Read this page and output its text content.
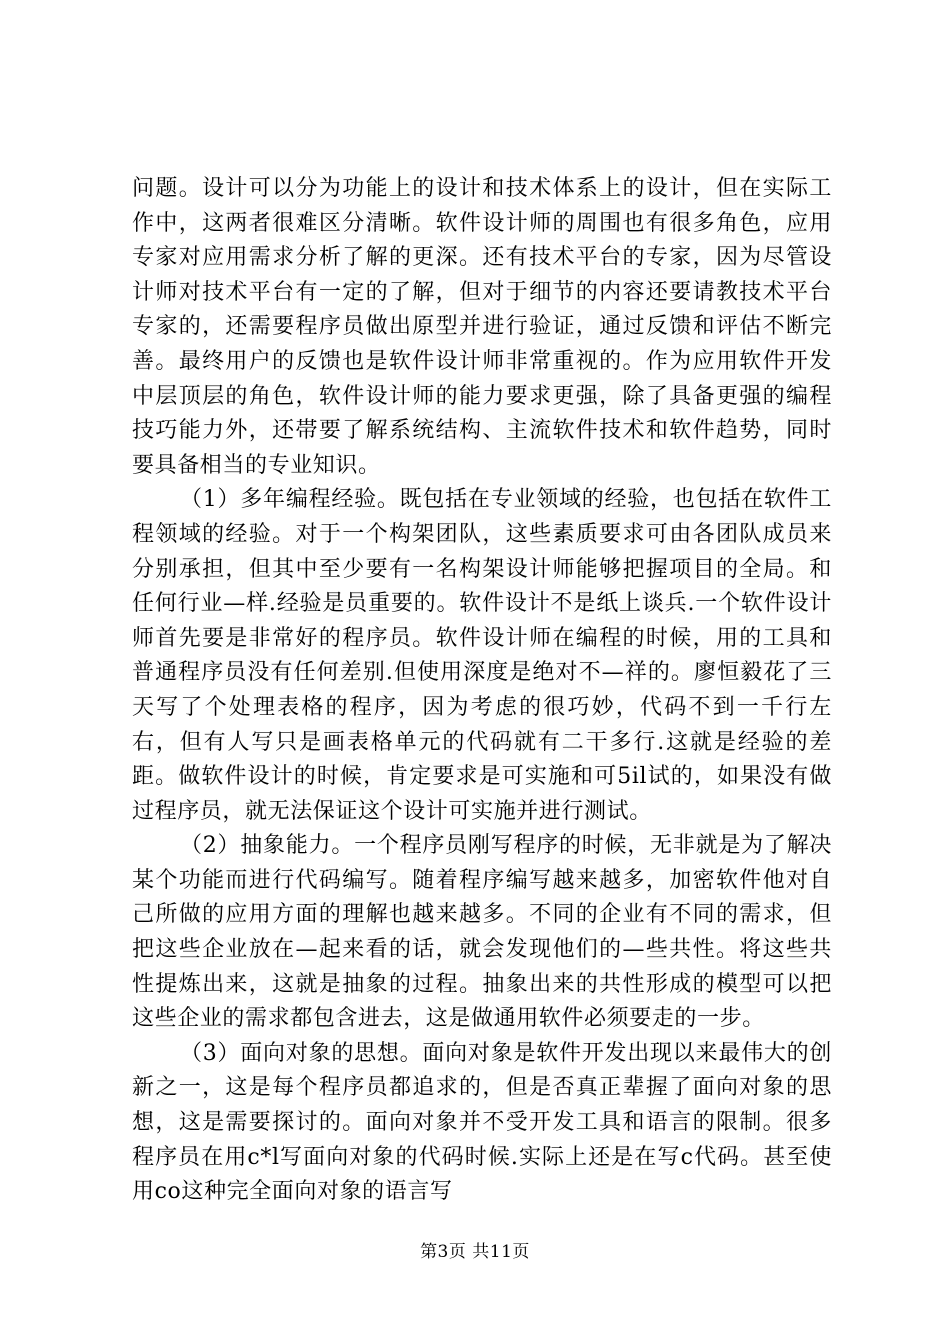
问题。设计可以分为功能上的设计和技术体系上的设计，但在实际工作中，这两者很难区分清晰。软件设计师的周围也有很多角色，应用专家对应用需求分析了解的更深。还有技术平台的专家，因为尽管设计师对技术平台有一定的了解，但对于细节的内容还要请教技术平台专家的，还需要程序员做出原型并进行验证，通过反馈和评估不断完善。最终用户的反馈也是软件设计师非常重视的。作为应用软件开发中层顶层的角色，软件设计师的能力要求更强，除了具备更强的编程技巧能力外，还帯要了解系统结构、主流软件技术和软件趋势，同时要具备相当的专业知识。

（1）多年编程经验。既包括在专业领域的经验，也包括在软件工程领域的经验。对于一个构架团队，这些素质要求可由各团队成员来分别承担，但其中至少要有一名构架设计师能够把握项目的全局。和任何行业—样.经验是员重要的。软件设计不是纸上谈兵.一个软件设计师首先要是非常好的程序员。软件设计师在编程的时候，用的工具和普通程序员没有任何差别.但使用深度是绝对不—祥的。廖恒毅花了三天写了个处理表格的程序，因为考虑的很巧妙，代码不到一千行左右，但有人写只是画表格单元的代码就有二干多行.这就是经验的差距。做软件设计的时候，肯定要求是可实施和可5il试的，如果没有做过程序员，就无法保证这个设计可实施并进行测试。

（2）抽象能力。一个程序员刚写程序的时候，无非就是为了解决某个功能而进行代码编写。随着程序编写越来越多，加密软件他对自己所做的应用方面的理解也越来越多。不同的企业有不同的需求，但把这些企业放在—起来看的话，就会发现他们的—些共性。将这些共性提炼出来，这就是抽象的过程。抽象出来的共性形成的模型可以把这些企业的需求都包含进去，这是做通用软件必须要走的一步。

（3）面向对象的思想。面向对象是软件开发出现以来最伟大的创新之一，这是每个程序员都追求的，但是否真正辈握了面向对象的思想，这是需要探讨的。面向对象并不受开发工具和语言的限制。很多程序员在用c*l写面向对象的代码时候.实际上还是在写c代码。甚至使用co这种完全面向对象的语言写

第3页 共11页
